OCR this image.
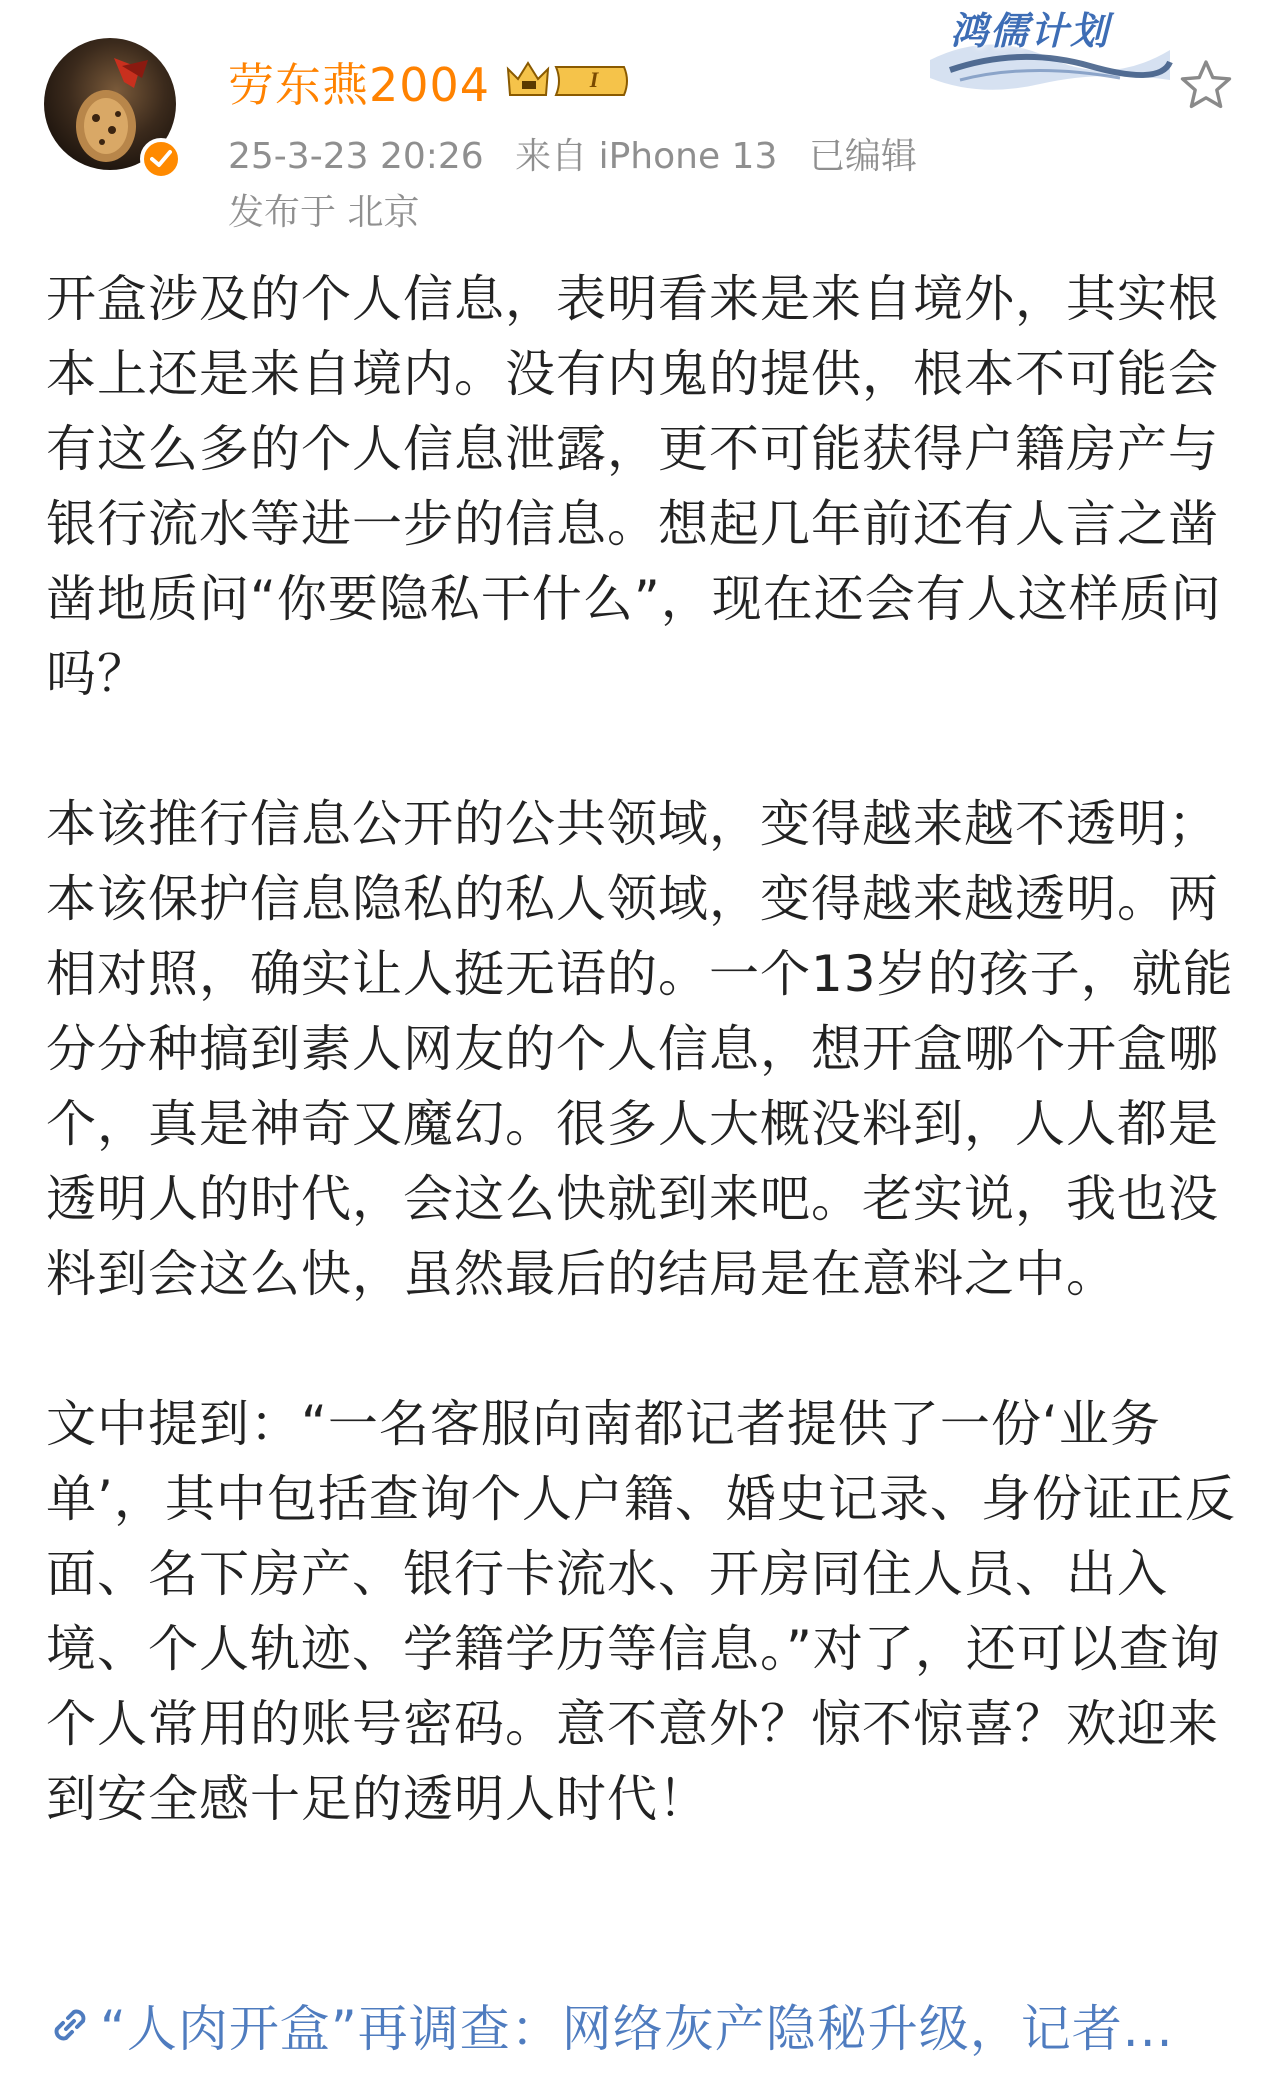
劳东燕2004	I
25-3-23 20:26 来自 iPhone 13 已编辑
发布于 北京
鸿儒计划

开盒涉及的个人信息，表明看来是来自境外，其实根本上还是来自境内。没有内鬼的提供，根本不可能会有这么多的个人信息泄露，更不可能获得户籍房产与银行流水等进一步的信息。想起几年前还有人言之凿凿地质问“你要隐私干什么”，现在还会有人这样质问吗？

本该推行信息公开的公共领域，变得越来越不透明；本该保护信息隐私的私人领域，变得越来越透明。两相对照，确实让人挺无语的。一个13岁的孩子，就能分分种搞到素人网友的个人信息，想开盒哪个开盒哪个，真是神奇又魔幻。很多人大概没料到，人人都是透明人的时代，会这么快就到来吧。老实说，我也没料到会这么快，虽然最后的结局是在意料之中。

文中提到：“一名客服向南都记者提供了一份‘业务单’，其中包括查询个人户籍、婚史记录、身份证正反面、名下房产、银行卡流水、开房同住人员、出入境、个人轨迹、学籍学历等信息。”对了，还可以查询个人常用的账号密码。意不意外？惊不惊喜？欢迎来到安全感十足的透明人时代！

“人肉开盒”再调查：网络灰产隐秘升级，记者...
